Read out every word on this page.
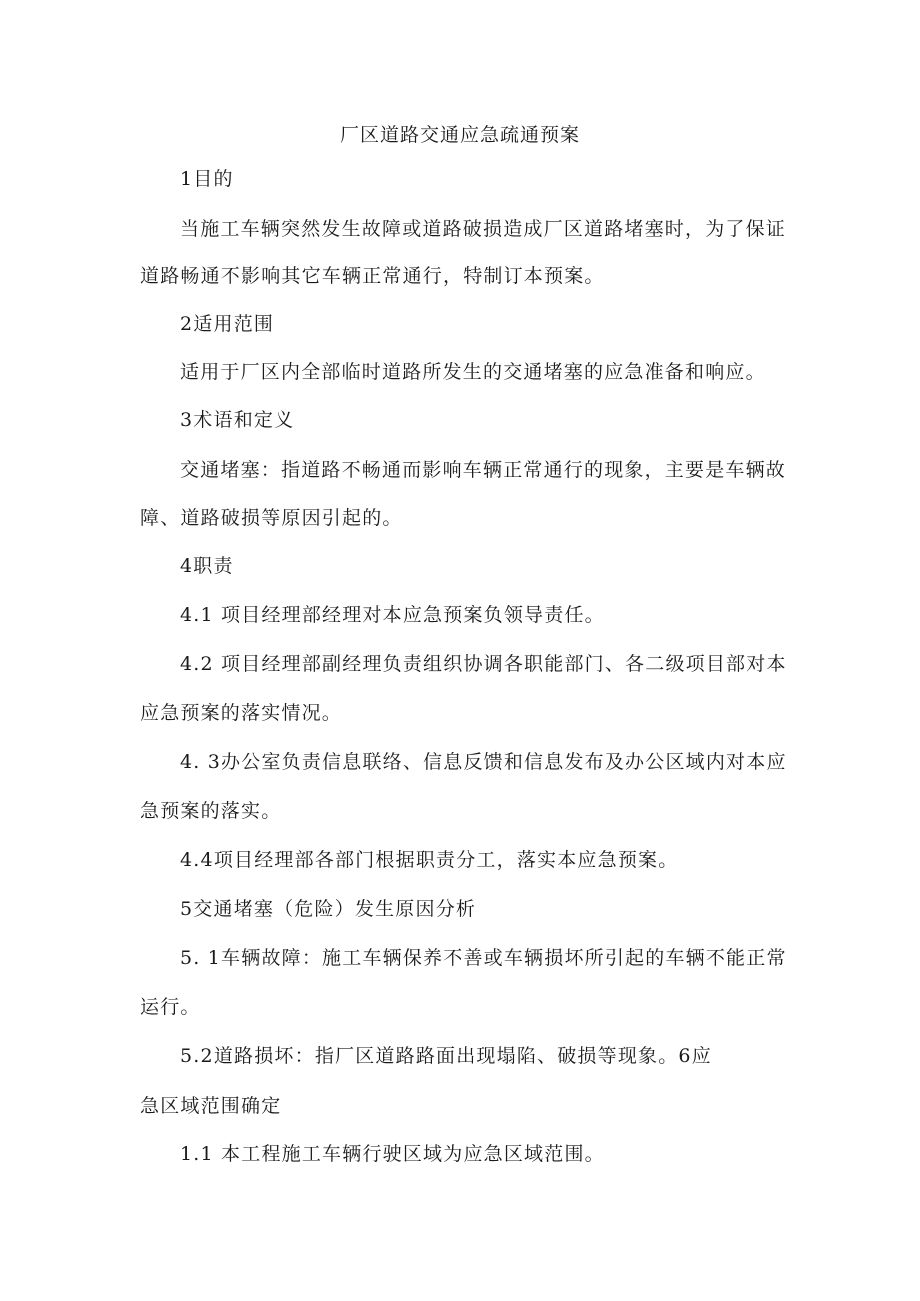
厂区道路交通应急疏通预案
1目的
当施工车辆突然发生故障或道路破损造成厂区道路堵塞时，为了保证
道路畅通不影响其它车辆正常通行，特制订本预案。
2适用范围
适用于厂区内全部临时道路所发生的交通堵塞的应急准备和响应。
3术语和定义
交通堵塞：指道路不畅通而影响车辆正常通行的现象，主要是车辆故
障、道路破损等原因引起的。
4职责
4.1 项目经理部经理对本应急预案负领导责任。
4.2 项目经理部副经理负责组织协调各职能部门、各二级项目部对本
应急预案的落实情况。
4. 3办公室负责信息联络、信息反馈和信息发布及办公区域内对本应
急预案的落实。
4.4项目经理部各部门根据职责分工，落实本应急预案。
5交通堵塞（危险）发生原因分析
5. 1车辆故障：施工车辆保养不善或车辆损坏所引起的车辆不能正常
运行。
5.2道路损坏：指厂区道路路面出现塌陷、破损等现象。6应
急区域范围确定
1.1 本工程施工车辆行驶区域为应急区域范围。
